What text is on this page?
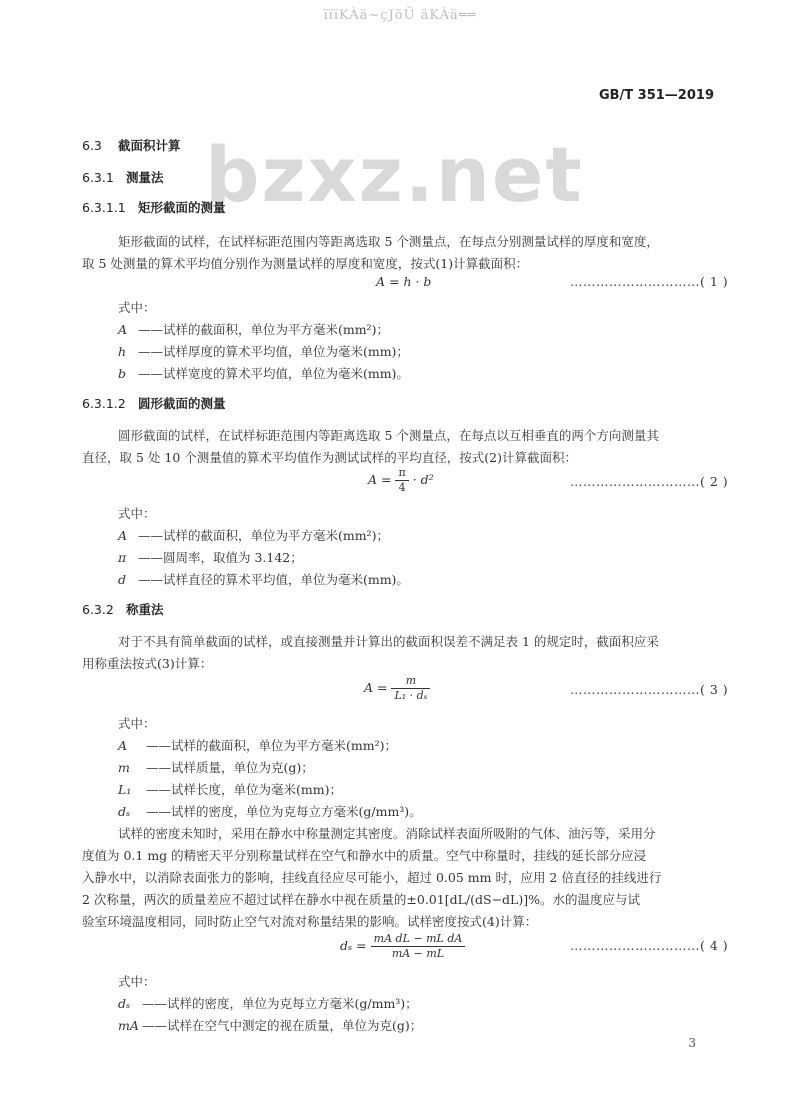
ïïïKÀä~çJõÜ äKÀä══
GB/T 351—2019
bzxz.net
6.3 截面积计算
6.3.1 测量法
6.3.1.1 矩形截面的测量
矩形截面的试样，在试样标距范围内等距离选取 5 个测量点，在每点分别测量试样的厚度和宽度，
取 5 处测量的算术平均值分别作为测量试样的厚度和宽度，按式(1)计算截面积：
A = h · b	…………………………( 1 )
式中：
A ——试样的截面积，单位为平方毫米(mm²)；
h ——试样厚度的算术平均值，单位为毫米(mm)；
b ——试样宽度的算术平均值，单位为毫米(mm)。
6.3.1.2 圆形截面的测量
圆形截面的试样，在试样标距范围内等距离选取 5 个测量点，在每点以互相垂直的两个方向测量其
直径，取 5 处 10 个测量值的算术平均值作为测试试样的平均直径，按式(2)计算截面积：
$A = \frac{\pi}{4} \cdot d^2$	…………………………( 2 )
式中：
A ——试样的截面积，单位为平方毫米(mm²)；
π ——圆周率，取值为 3.142；
d ——试样直径的算术平均值，单位为毫米(mm)。
6.3.2 称重法
对于不具有简单截面的试样，或直接测量并计算出的截面积误差不满足表 1 的规定时，截面积应采
用称重法按式(3)计算：
$A = \frac{m}{\text{L₁ · dₛ}}$	…………………………( 3 )
式中：
A ——试样的截面积，单位为平方毫米(mm²)；
m ——试样质量，单位为克(g)；
L₁ ——试样长度，单位为毫米(mm)；
dₛ ——试样的密度，单位为克每立方毫米(g/mm³)。
试样的密度未知时，采用在静水中称量测定其密度。消除试样表面所吸附的气体、油污等，采用分
度值为 0.1 mg 的精密天平分别称量试样在空气和静水中的质量。空气中称量时，挂线的延长部分应浸
入静水中，以消除表面张力的影响，挂线直径应尽可能小，超过 0.05 mm 时，应用 2 倍直径的挂线进行
2 次称量，两次的质量差应不超过试样在静水中视在质量的±0.01[dL/(dS−dL)]%。水的温度应与试
验室环境温度相同，同时防止空气对流对称量结果的影响。试样密度按式(4)计算：
$d_s = \frac{\text{mA dL − mL dA}}{mA - mL}$	…………………………( 4 )
式中：
dₛ ——试样的密度，单位为克每立方毫米(g/mm³)；
mA ——试样在空气中测定的视在质量，单位为克(g)；
3
